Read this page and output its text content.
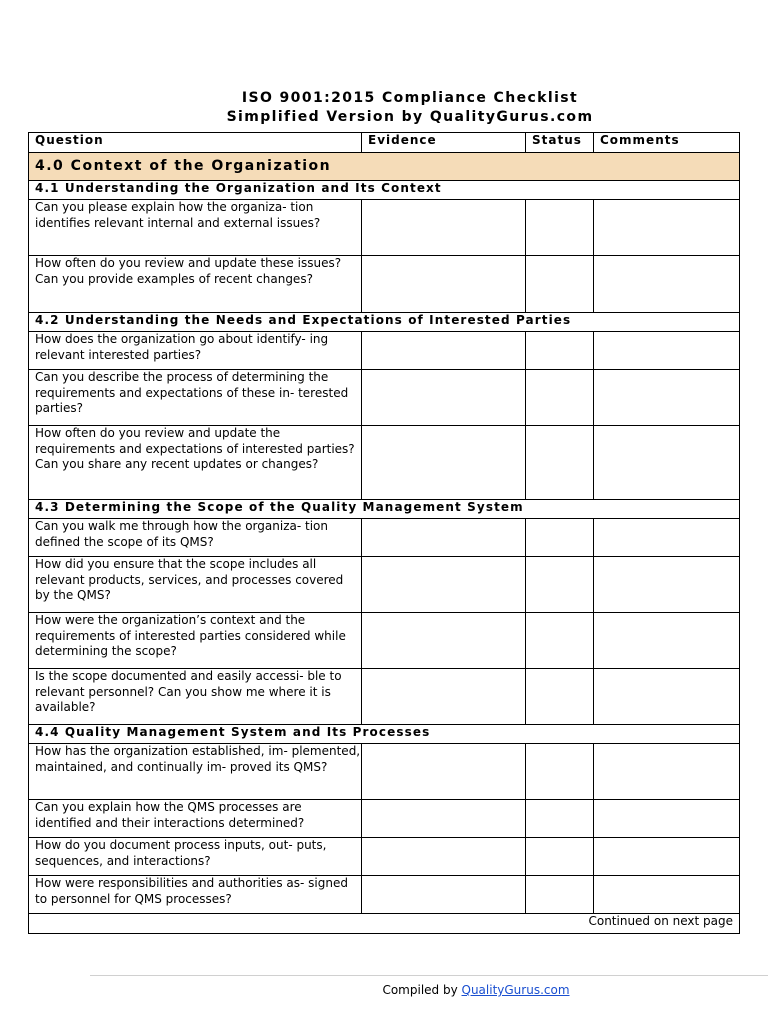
ISO 9001:2015 Compliance Checklist
Simplified Version by QualityGurus.com
Question	Evidence	Status	Comments
4.0 Context of the Organization			
4.1 Understanding the Organization and Its Context			
Can you please explain how the organiza- tion identifies relevant internal and external issues?			
How often do you review and update these issues? Can you provide examples of recent changes?			
4.2 Understanding the Needs and Expectations of Interested Parties			
How does the organization go about identify- ing relevant interested parties?			
Can you describe the process of determining the requirements and expectations of these in- terested parties?			
How often do you review and update the requirements and expectations of interested parties? Can you share any recent updates or changes?			
4.3 Determining the Scope of the Quality Management System			
Can you walk me through how the organiza- tion defined the scope of its QMS?			
How did you ensure that the scope includes all relevant products, services, and processes covered by the QMS?			
How were the organization’s context and the requirements of interested parties considered while determining the scope?			
Is the scope documented and easily accessi- ble to relevant personnel? Can you show me where it is available?			
4.4 Quality Management System and Its Processes			
How has the organization established, im- plemented, maintained, and continually im- proved its QMS?			
Can you explain how the QMS processes are identified and their interactions determined?			
How do you document process inputs, out- puts, sequences, and interactions?			
How were responsibilities and authorities as- signed to personnel for QMS processes?			
Continued on next page			
Compiled by QualityGurus.com
